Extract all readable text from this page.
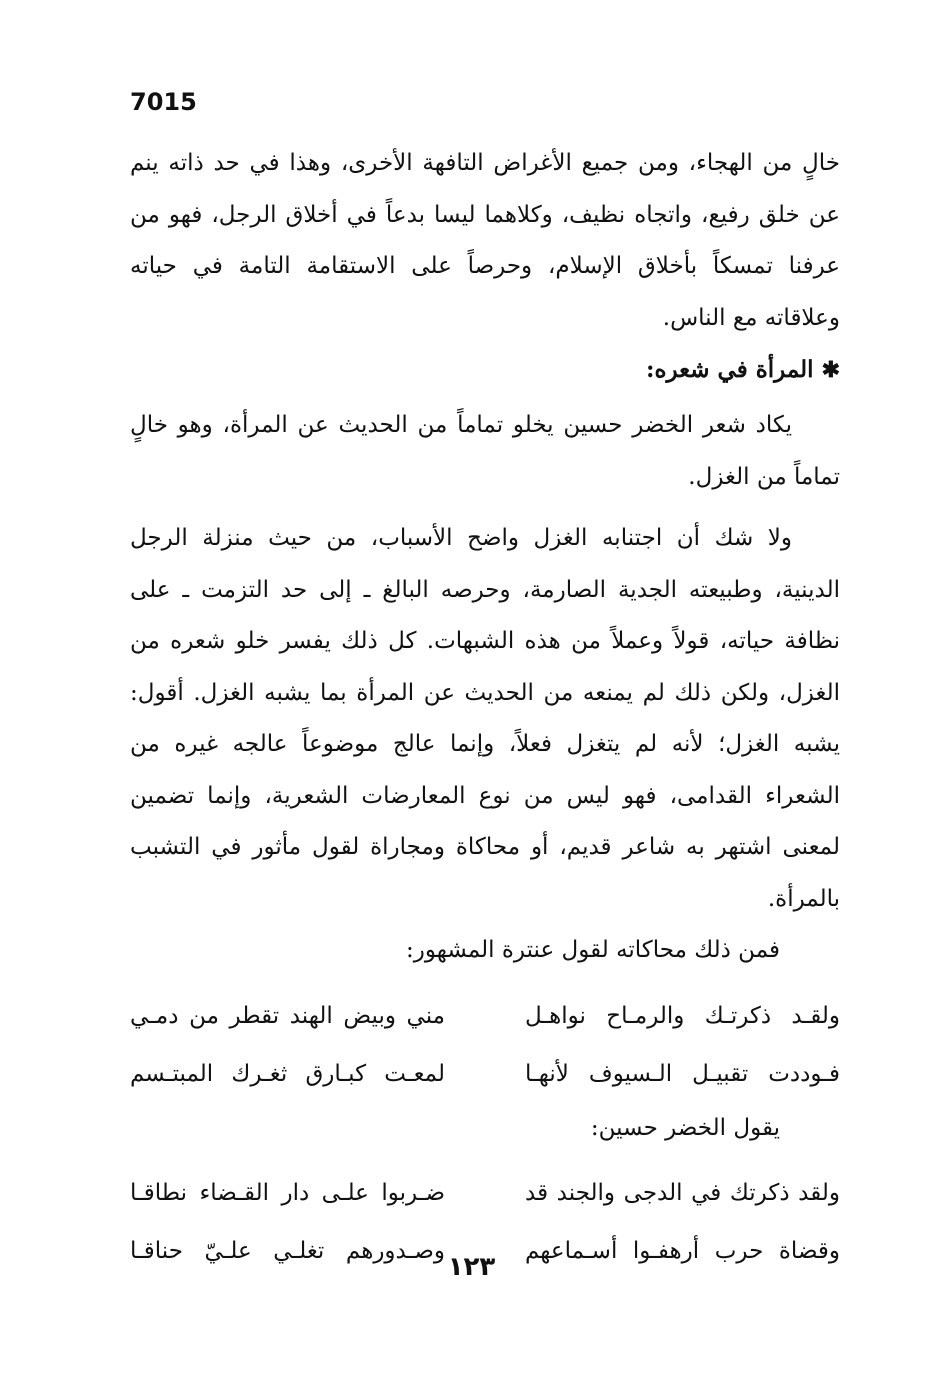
7015

خالٍ من الهجاء، ومن جميع الأغراض التافهة الأخرى، وهذا في حد ذاته ينم عن خلق رفيع، واتجاه نظيف، وكلاهما ليسا بدعاً في أخلاق الرجل، فهو من عرفنا تمسكاً بأخلاق الإسلام، وحرصاً على الاستقامة التامة في حياته وعلاقاته مع الناس.

✱المرأة في شعره:

يكاد شعر الخضر حسين يخلو تماماً من الحديث عن المرأة، وهو خالٍ تماماً من الغزل.

ولا شك أن اجتنابه الغزل واضح الأسباب، من حيث منزلة الرجل الدينية، وطبيعته الجدية الصارمة، وحرصه البالغ ـ إلى حد التزمت ـ على نظافة حياته، قولاً وعملاً من هذه الشبهات. كل ذلك يفسر خلو شعره من الغزل، ولكن ذلك لم يمنعه من الحديث عن المرأة بما يشبه الغزل. أقول: يشبه الغزل؛ لأنه لم يتغزل فعلاً، وإنما عالج موضوعاً عالجه غيره من الشعراء القدامى، فهو ليس من نوع المعارضات الشعرية، وإنما تضمين لمعنى اشتهر به شاعر قديم، أو محاكاة ومجاراة لقول مأثور في التشبب بالمرأة.

فمن ذلك محاكاته لقول عنترة المشهور:

ولقـد ذكرتـك والرمـاح نواهـل
مني وبيض الهند تقطر من دمـي
فـوددت تقبيـل الـسيوف لأنهـا
لمعـت كبـارق ثغـرك المبتـسم

يقول الخضر حسين:

ولقد ذكرتك في الدجى والجند قد
ضـربوا علـى دار القـضاء نطاقـا
وقضاة حرب أرهفـوا أسـماعهم
وصـدورهم تغلـي علـيّ حناقـا
١٢٣
